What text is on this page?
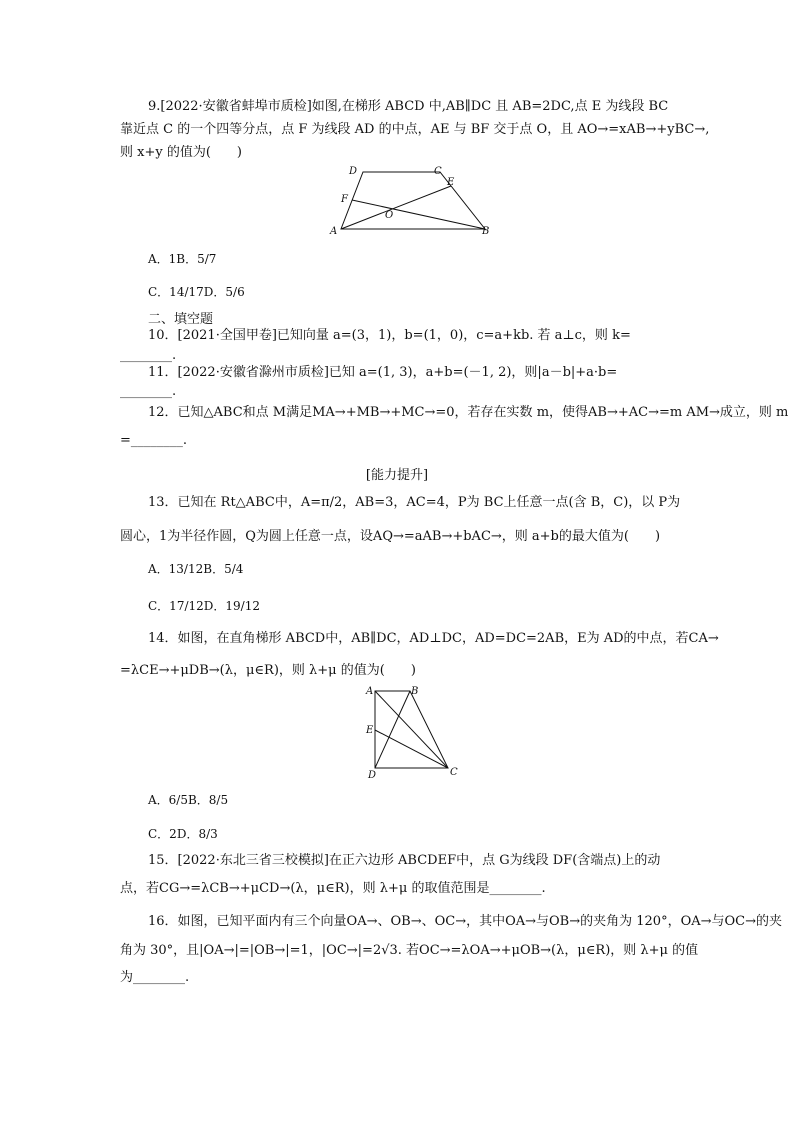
9.[2022·安徽省蚌埠市质检]如图,在梯形 ABCD 中,AB∥DC 且 AB=2DC,点 E 为线段 BC
靠近点 C 的一个四等分点，点 F 为线段 AD 的中点，AE 与 BF 交于点 O，且 AO→=xAB→+yBC→,
则 x+y 的值为(　　)
A	B
C
D
E
F
O
A．1B．5/7
C．14/17D．5/6
二、填空题
10．[2021·全国甲卷]已知向量 a=(3，1)，b=(1，0)，c=a+kb. 若 a⊥c，则 k=
________.
11．[2022·安徽省滁州市质检]已知 a=(1, 3)，a+b=(－1, 2)，则|a－b|+a·b=
________.
12．已知△ABC和点 M满足MA→+MB→+MC→=0，若存在实数 m，使得AB→+AC→=m AM→成立，则 m
=________.
[能力提升]
13．已知在 Rt△ABC中，A=π/2，AB=3，AC=4，P为 BC上任意一点(含 B，C)，以 P为
圆心，1为半径作圆，Q为圆上任意一点，设AQ→=aAB→+bAC→，则 a+b的最大值为(　　)
A．13/12B．5/4
C．17/12D．19/12
14．如图，在直角梯形 ABCD中，AB∥DC，AD⊥DC，AD=DC=2AB，E为 AD的中点，若CA→
=λCE→+μDB→(λ，μ∈R)，则 λ+μ 的值为(　　)
A	B
C
D
E
A．6/5B．8/5
C．2D．8/3
15．[2022·东北三省三校模拟]在正六边形 ABCDEF中，点 G为线段 DF(含端点)上的动
点，若CG→=λCB→+μCD→(λ，μ∈R)，则 λ+μ 的取值范围是________.
16．如图，已知平面内有三个向量OA→、OB→、OC→，其中OA→与OB→的夹角为 120°，OA→与OC→的夹
角为 30°，且|OA→|=|OB→|=1，|OC→|=2√3. 若OC→=λOA→+μOB→(λ，μ∈R)，则 λ+μ 的值
为________.
